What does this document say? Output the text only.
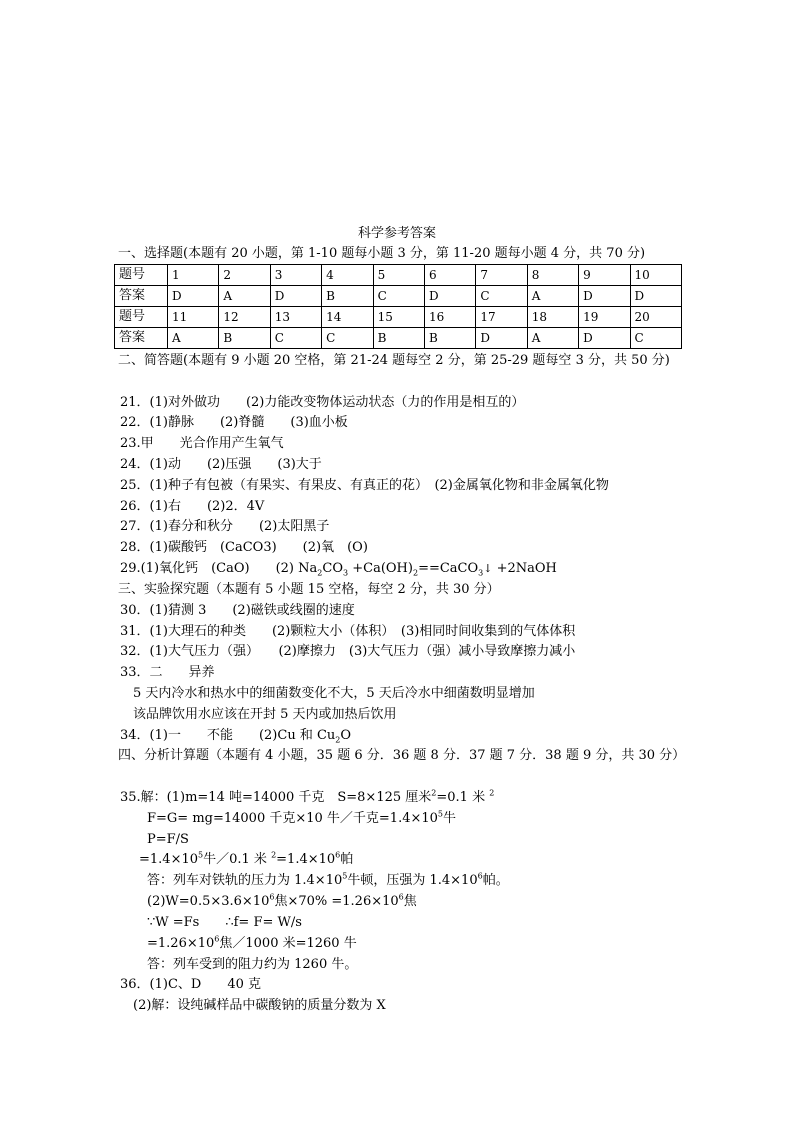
科学参考答案
一、选择题(本题有 20 小题，第 1-10 题每小题 3 分，第 11-20 题每小题 4 分，共 70 分)
题号	1	2	3	4	5	6	7	8	9	10
答案	D	A	D	B	C	D	C	A	D	D
题号	11	12	13	14	15	16	17	18	19	20
答案	A	B	C	C	B	B	D	A	D	C
二、简答题(本题有 9 小题 20 空格，第 21-24 题每空 2 分，第 25-29 题每空 3 分，共 50 分)
21．(1)对外做功　　(2)力能改变物体运动状态（力的作用是相互的）
22．(1)静脉　　(2)脊髓　　(3)血小板
23.甲　　光合作用产生氧气
24．(1)动　　(2)压强　　(3)大于
25．(1)种子有包被（有果实、有果皮、有真正的花）　(2)金属氧化物和非金属氧化物
26．(1)右　　(2)2．4V
27．(1)春分和秋分　　(2)太阳黑子
28．(1)碳酸钙　(CaCO3)　　(2)氧　(O)
29.(1)氧化钙　(CaO)　　(2) $Na_2CO_3$ $+Ca(OH)_2==CaCO_3↓$ +2NaOH
三、实验探究题（本题有 5 小题 15 空格，每空 2 分，共 30 分）
30．(1)猜测 3　　(2)磁铁或线圈的速度
31．(1)大理石的种类　　(2)颗粒大小（体积）　(3)相同时间收集到的气体体积
32．(1)大气压力（强）　　(2)摩擦力　(3)大气压力（强）减小导致摩擦力减小
33．二　　异养
5 天内冷水和热水中的细菌数变化不大，5 天后冷水中细菌数明显增加
该品牌饮用水应该在开封 5 天内或加热后饮用
34．(1)一　　不能　　(2)Cu 和 $Cu_2O$
四、分析计算题（本题有 4 小题，35 题 6 分．36 题 8 分．37 题 7 分．38 题 9 分，共 30 分）
35.解：(1)m=14 吨=14000 千克　S=8×125 厘米$^2$=0.1 米 $^2$
F=G= mg=14000 千克×10 牛／千克$=1.4\times 10^5$牛
P=F/S
$=1.4\times 10^5$牛／0.1 米 $^2=1.4\times 10^6$帕
答：列车对铁轨的压力为 $1.4\times 10^5$牛顿，压强为 $1.4\times 10^6$帕。
$(2)W=0.5\times 3.6\times 10^6$焦$\times 70\% =1.26\times 10^6$焦
∵W =Fs　　∴f= F= W/s
$=1.26\times 10^6$焦／1000 米=1260 牛
答：列车受到的阻力约为 1260 牛。
36．(1)C、D　　40 克
(2)解：设纯碱样品中碳酸钠的质量分数为 X
